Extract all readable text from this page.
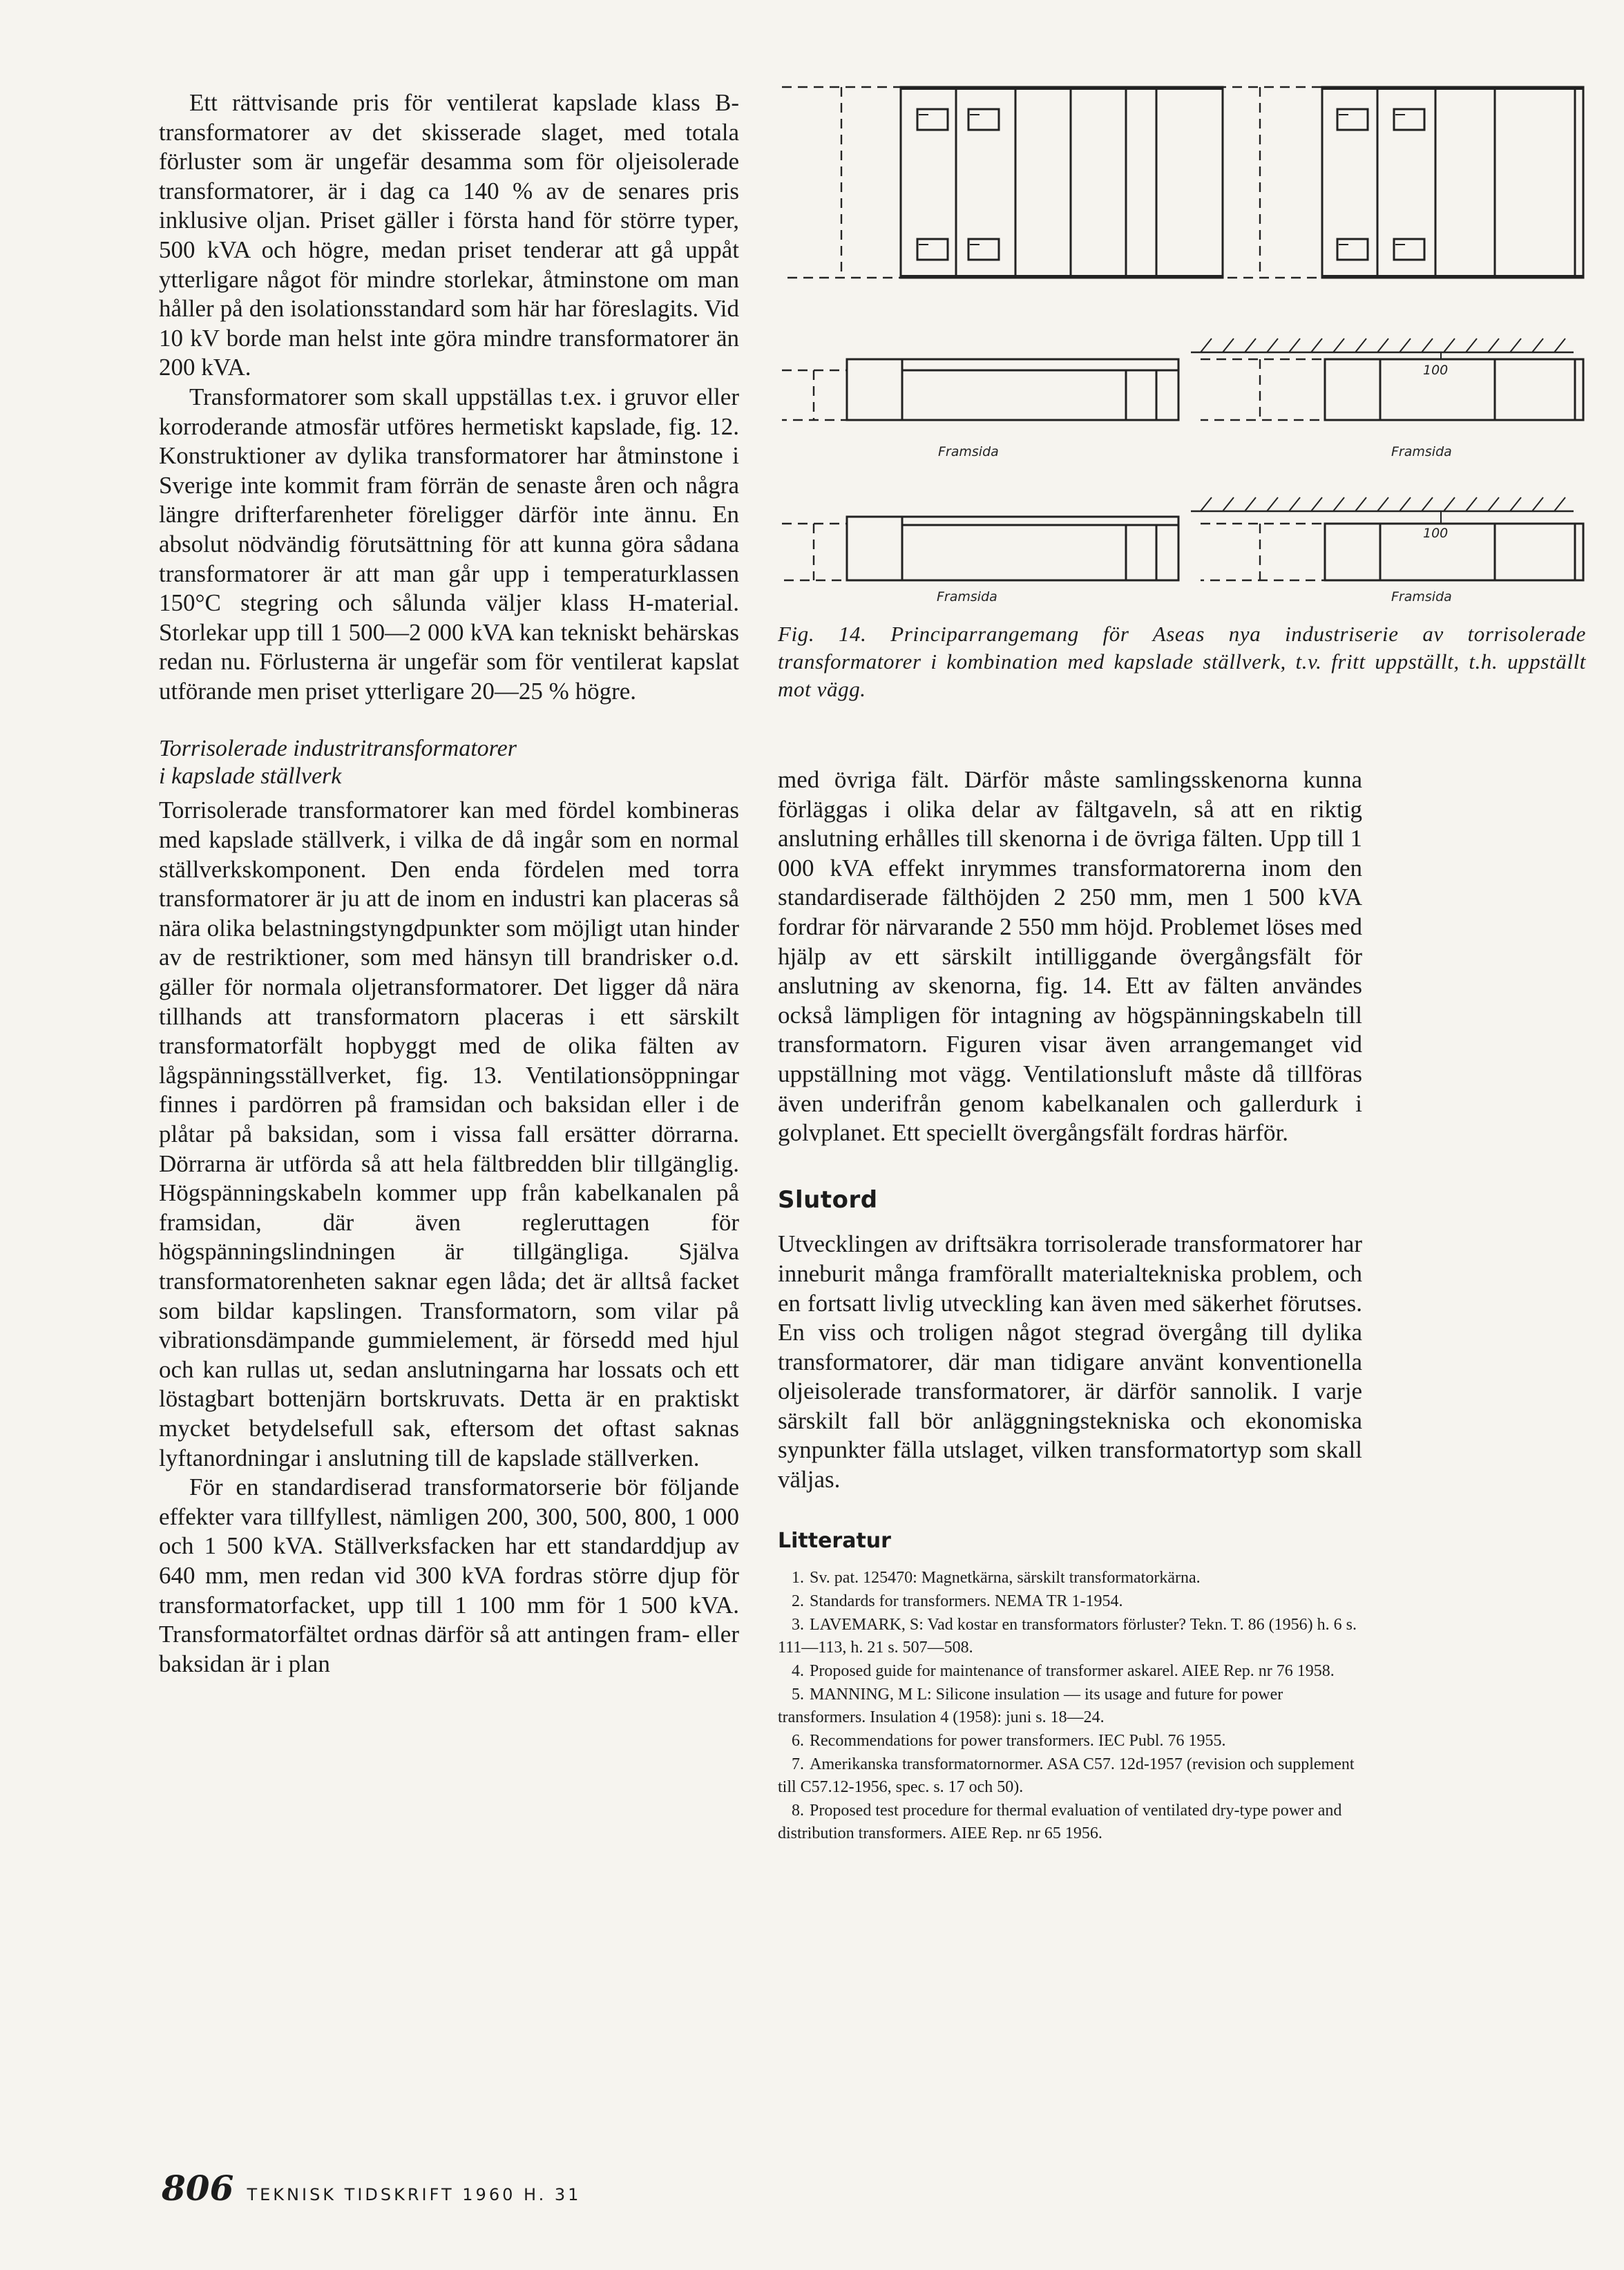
Ett rättvisande pris för ventilerat kapslade klass B-transformatorer av det skisserade slaget, med totala förluster som är ungefär desamma som för oljeisolerade transformatorer, är i dag ca 140 % av de senares pris inklusive oljan. Priset gäller i första hand för större typer, 500 kVA och högre, medan priset tenderar att gå uppåt ytterligare något för mindre storlekar, åtminstone om man håller på den isolationsstandard som här har föreslagits. Vid 10 kV borde man helst inte göra mindre transformatorer än 200 kVA.

Transformatorer som skall uppställas t.ex. i gruvor eller korroderande atmosfär utföres hermetiskt kapslade, fig. 12. Konstruktioner av dylika transformatorer har åtminstone i Sverige inte kommit fram förrän de senaste åren och några längre drifterfarenheter föreligger därför inte ännu. En absolut nödvändig förutsättning för att kunna göra sådana transformatorer är att man går upp i temperaturklassen 150°C stegring och sålunda väljer klass H-material. Storlekar upp till 1 500—2 000 kVA kan tekniskt behärskas redan nu. Förlusterna är ungefär som för ventilerat kapslat utförande men priset ytterligare 20—25 % högre.

Torrisolerade industritransformatorer
i kapslade ställverk

Torrisolerade transformatorer kan med fördel kombineras med kapslade ställverk, i vilka de då ingår som en normal ställverkskomponent. Den enda fördelen med torra transformatorer är ju att de inom en industri kan placeras så nära olika belastningstyngdpunkter som möjligt utan hinder av de restriktioner, som med hänsyn till brandrisker o.d. gäller för normala oljetransformatorer. Det ligger då nära tillhands att transformatorn placeras i ett särskilt transformatorfält hopbyggt med de olika fälten av lågspänningsställverket, fig. 13. Ventilationsöppningar finnes i pardörren på framsidan och baksidan eller i de plåtar på baksidan, som i vissa fall ersätter dörrarna. Dörrarna är utförda så att hela fältbredden blir tillgänglig. Högspänningskabeln kommer upp från kabelkanalen på framsidan, där även regleruttagen för högspänningslindningen är tillgängliga. Själva transformatorenheten saknar egen låda; det är alltså facket som bildar kapslingen. Transformatorn, som vilar på vibrationsdämpande gummielement, är försedd med hjul och kan rullas ut, sedan anslutningarna har lossats och ett löstagbart bottenjärn bortskruvats. Detta är en praktiskt mycket betydelsefull sak, eftersom det oftast saknas lyftanordningar i anslutning till de kapslade ställverken.

För en standardiserad transformatorserie bör följande effekter vara tillfyllest, nämligen 200, 300, 500, 800, 1 000 och 1 500 kVA. Ställverksfacken har ett standarddjup av 640 mm, men redan vid 300 kVA fordras större djup för transformatorfacket, upp till 1 100 mm för 1 500 kVA. Transformatorfältet ordnas därför så att antingen fram- eller baksidan är i plan

100
100
Framsida	Framsida
Framsida	Framsida
Fig. 14. Principarrangemang för Aseas nya industriserie av torrisolerade transformatorer i kombination med kapslade ställverk, t.v. fritt uppställt, t.h. uppställt mot vägg.

med övriga fält. Därför måste samlingsskenorna kunna förläggas i olika delar av fältgaveln, så att en riktig anslutning erhålles till skenorna i de övriga fälten. Upp till 1 000 kVA effekt inrymmes transformatorerna inom den standardiserade fälthöjden 2 250 mm, men 1 500 kVA fordrar för närvarande 2 550 mm höjd. Problemet löses med hjälp av ett särskilt intilliggande övergångsfält för anslutning av skenorna, fig. 14. Ett av fälten användes också lämpligen för intagning av högspänningskabeln till transformatorn. Figuren visar även arrangemanget vid uppställning mot vägg. Ventilationsluft måste då tillföras även underifrån genom kabelkanalen och gallerdurk i golvplanet. Ett speciellt övergångsfält fordras härför.

Slutord

Utvecklingen av driftsäkra torrisolerade transformatorer har inneburit många framförallt materialtekniska problem, och en fortsatt livlig utveckling kan även med säkerhet förutses. En viss och troligen något stegrad övergång till dylika transformatorer, där man tidigare använt konventionella oljeisolerade transformatorer, är därför sannolik. I varje särskilt fall bör anläggningstekniska och ekonomiska synpunkter fälla utslaget, vilken transformatortyp som skall väljas.

Litteratur
1. Sv. pat. 125470: Magnetkärna, särskilt transformatorkärna.
2. Standards for transformers. NEMA TR 1-1954.
3. LAVEMARK, S: Vad kostar en transformators förluster? Tekn. T. 86 (1956) h. 6 s. 111—113, h. 21 s. 507—508.
4. Proposed guide for maintenance of transformer askarel. AIEE Rep. nr 76 1958.
5. MANNING, M L: Silicone insulation — its usage and future for power transformers. Insulation 4 (1958): juni s. 18—24.
6. Recommendations for power transformers. IEC Publ. 76 1955.
7. Amerikanska transformatornormer. ASA C57. 12d-1957 (revision och supplement till C57.12-1956, spec. s. 17 och 50).
8. Proposed test procedure for thermal evaluation of ventilated dry-type power and distribution transformers. AIEE Rep. nr 65 1956.
806 TEKNISK TIDSKRIFT 1960 H. 31
